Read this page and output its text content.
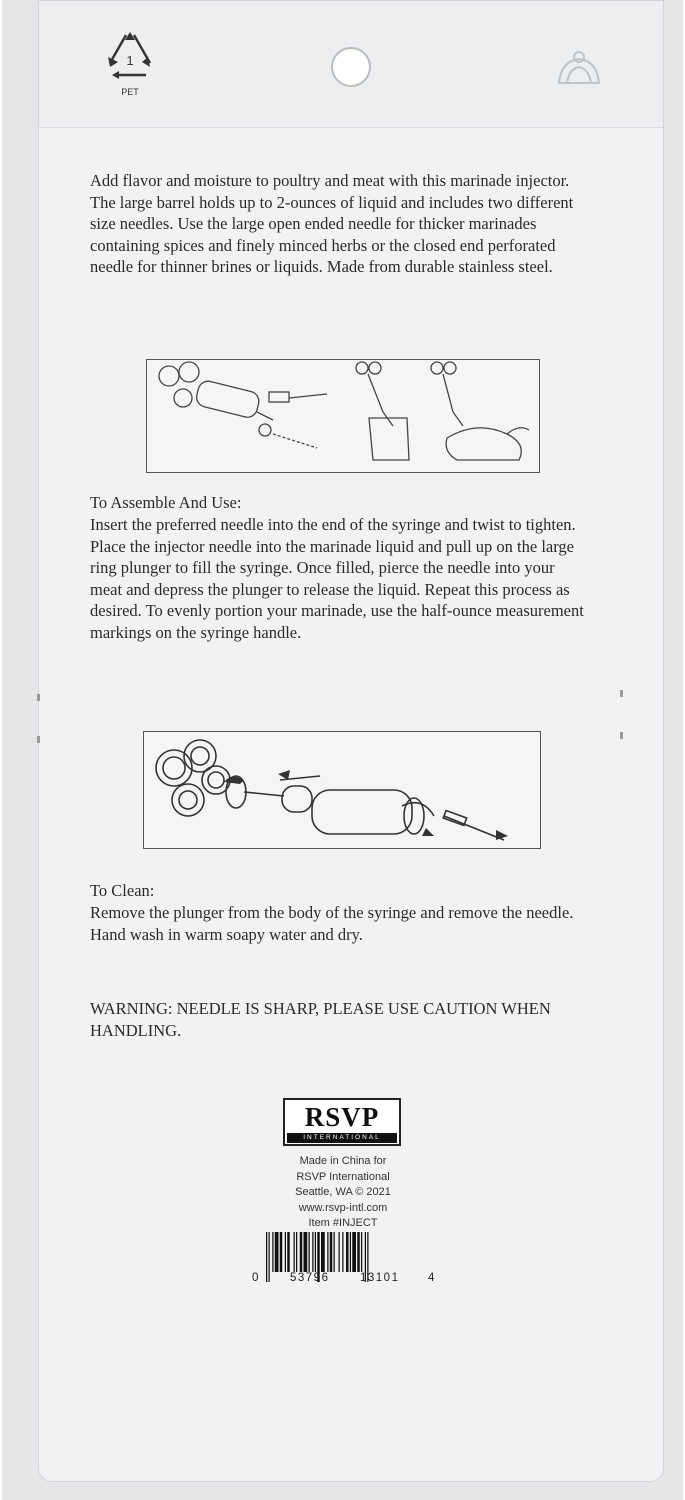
1
PET
Add flavor and moisture to poultry and meat with this marinade injector. The large barrel holds up to 2-ounces of liquid and includes two different size needles. Use the large open ended needle for thicker marinades containing spices and finely minced herbs or the closed end perforated needle for thinner brines or liquids. Made from durable stainless steel.
To Assemble And Use:
Insert the preferred needle into the end of the syringe and twist to tighten. Place the injector needle into the marinade liquid and pull up on the large ring plunger to fill the syringe. Once filled, pierce the needle into your meat and depress the plunger to release the liquid. Repeat this process as desired. To evenly portion your marinade, use the half-ounce measurement markings on the syringe handle.
To Clean:
Remove the plunger from the body of the syringe and remove the needle. Hand wash in warm soapy water and dry.
WARNING: NEEDLE IS SHARP, PLEASE USE CAUTION WHEN HANDLING.
RSVP
INTERNATIONAL
Made in China for
RSVP International
Seattle, WA © 2021
www.rsvp-intl.com
Item #INJECT
0	53796	13101 4
